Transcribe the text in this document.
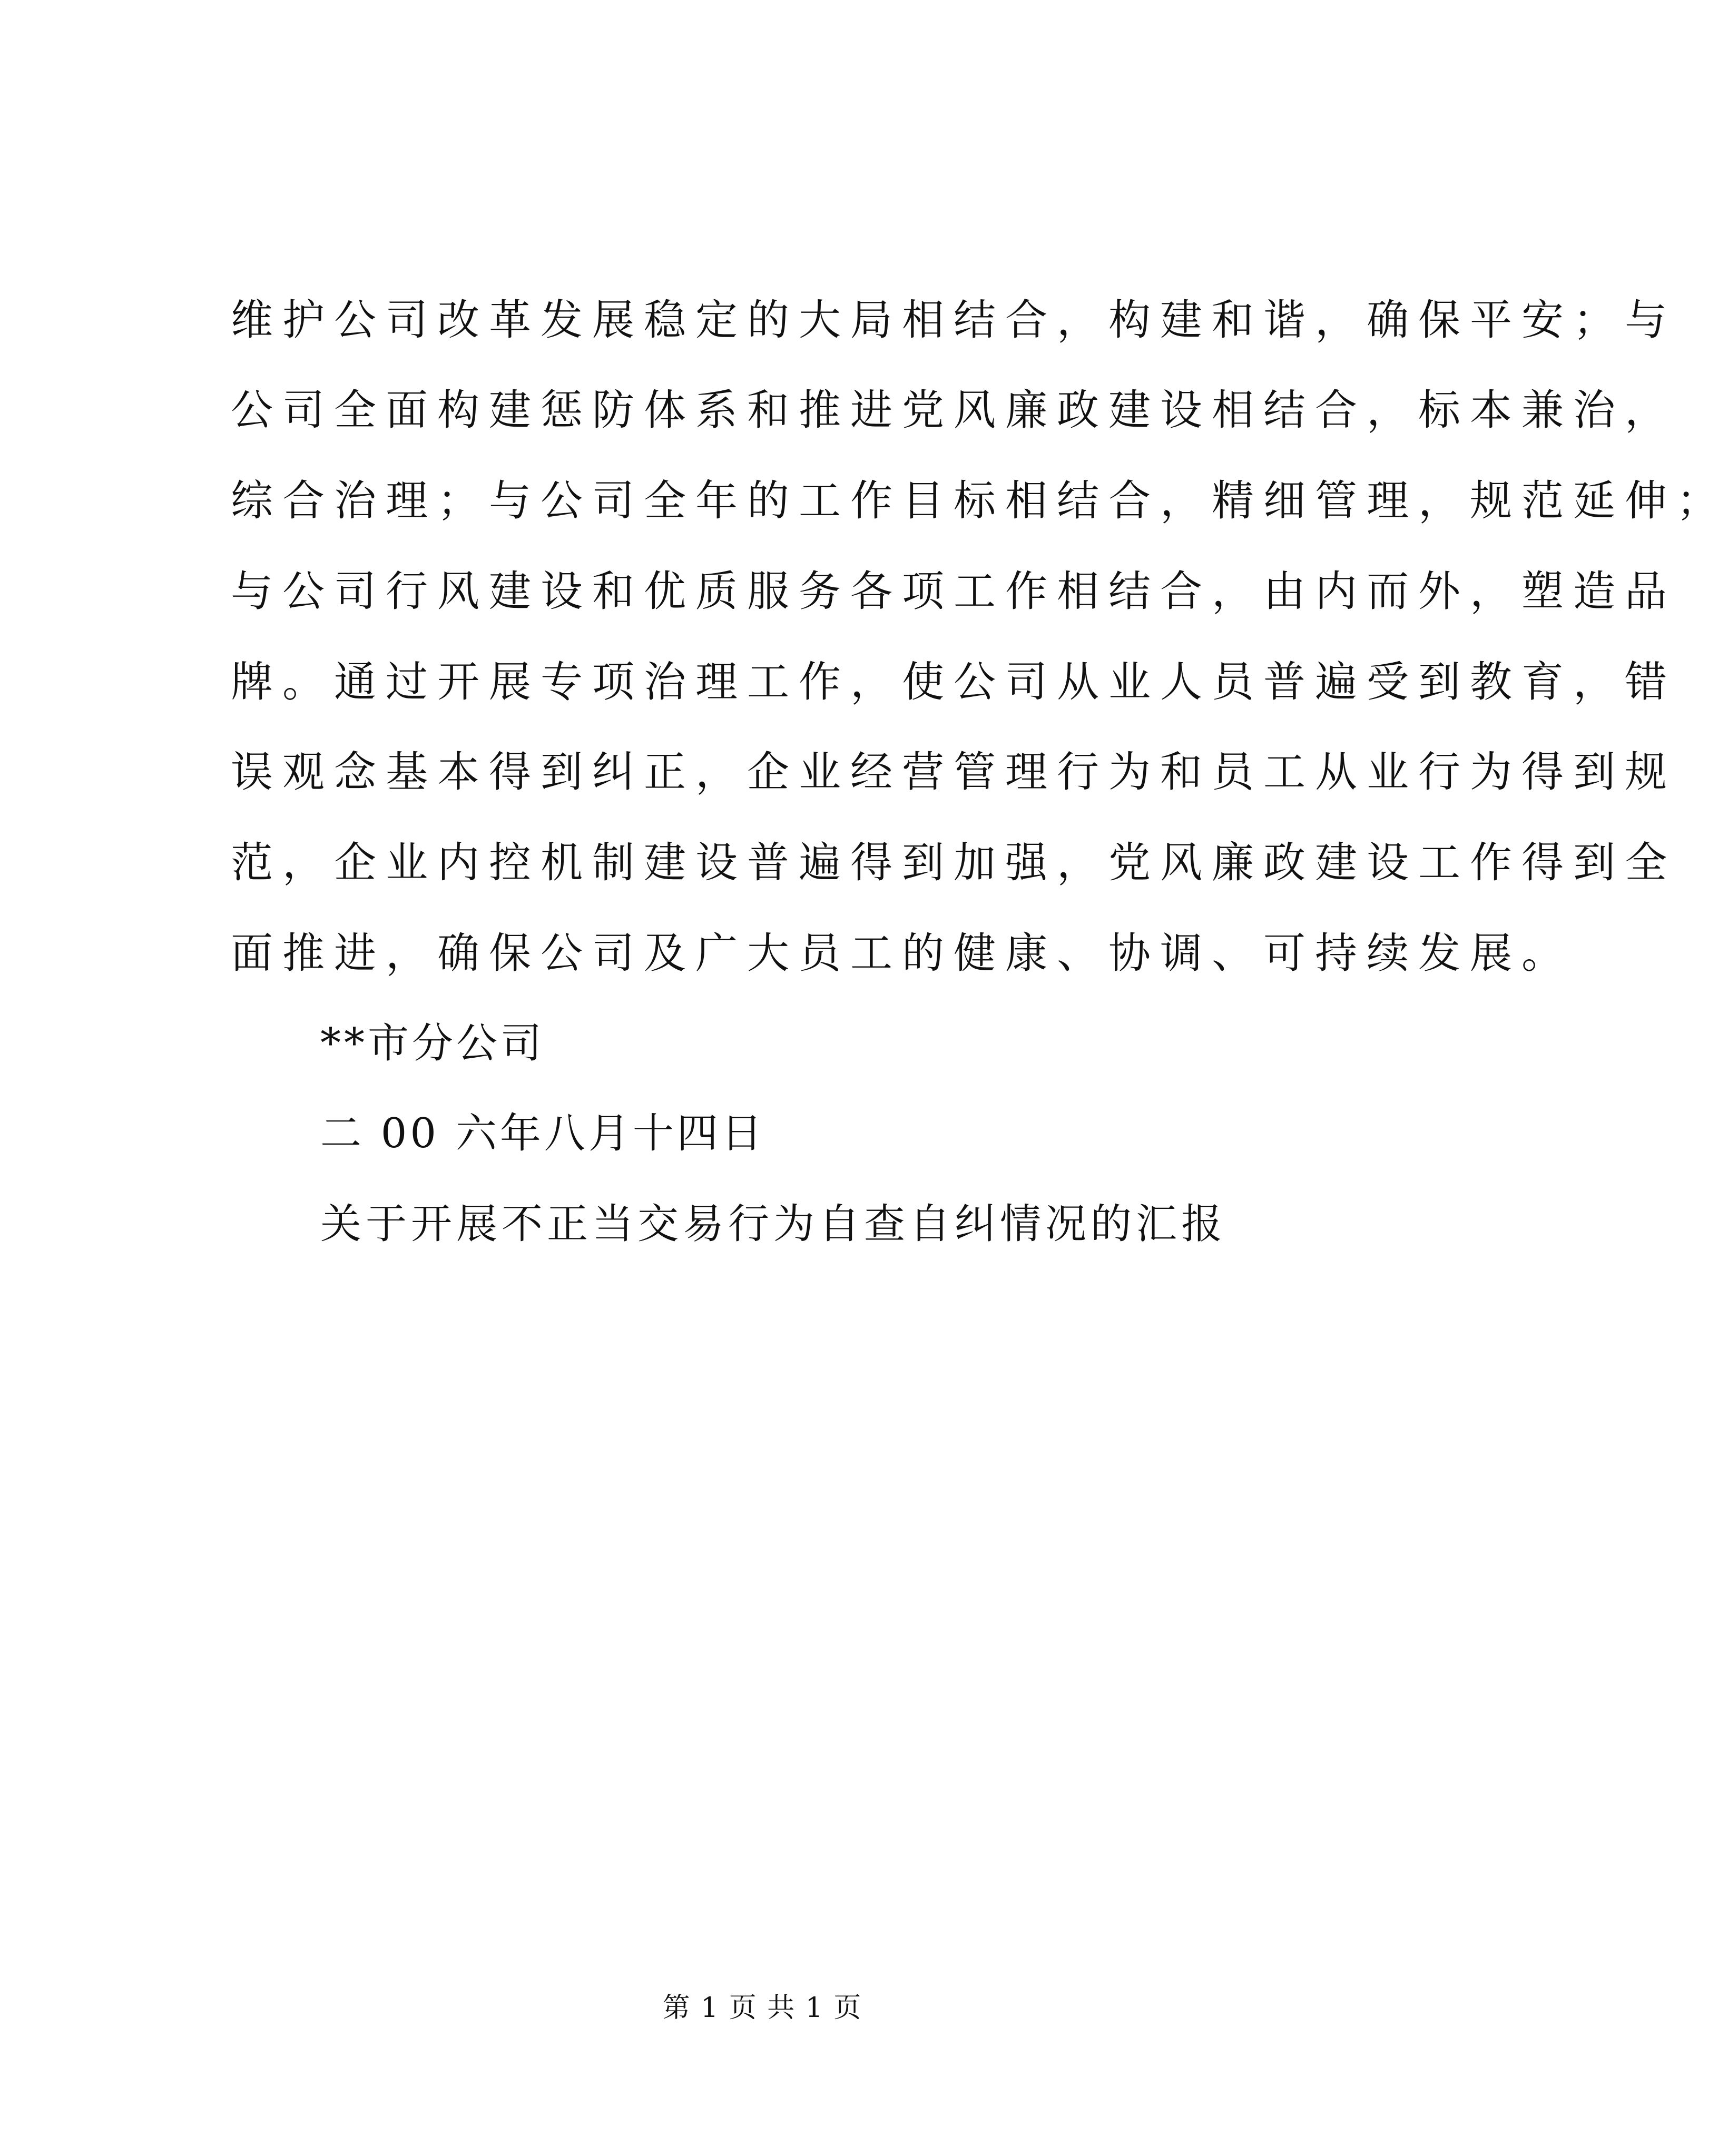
维护公司改革发展稳定的大局相结合，构建和谐，确保平安；与
公司全面构建惩防体系和推进党风廉政建设相结合，标本兼治，
综合治理；与公司全年的工作目标相结合，精细管理，规范延伸；
与公司行风建设和优质服务各项工作相结合，由内而外，塑造品
牌。通过开展专项治理工作，使公司从业人员普遍受到教育，错
误观念基本得到纠正，企业经营管理行为和员工从业行为得到规
范，企业内控机制建设普遍得到加强，党风廉政建设工作得到全
面推进，确保公司及广大员工的健康、协调、可持续发展。
**市分公司
二 00 六年八月十四日
关于开展不正当交易行为自查自纠情况的汇报
第 1 页 共 1 页
